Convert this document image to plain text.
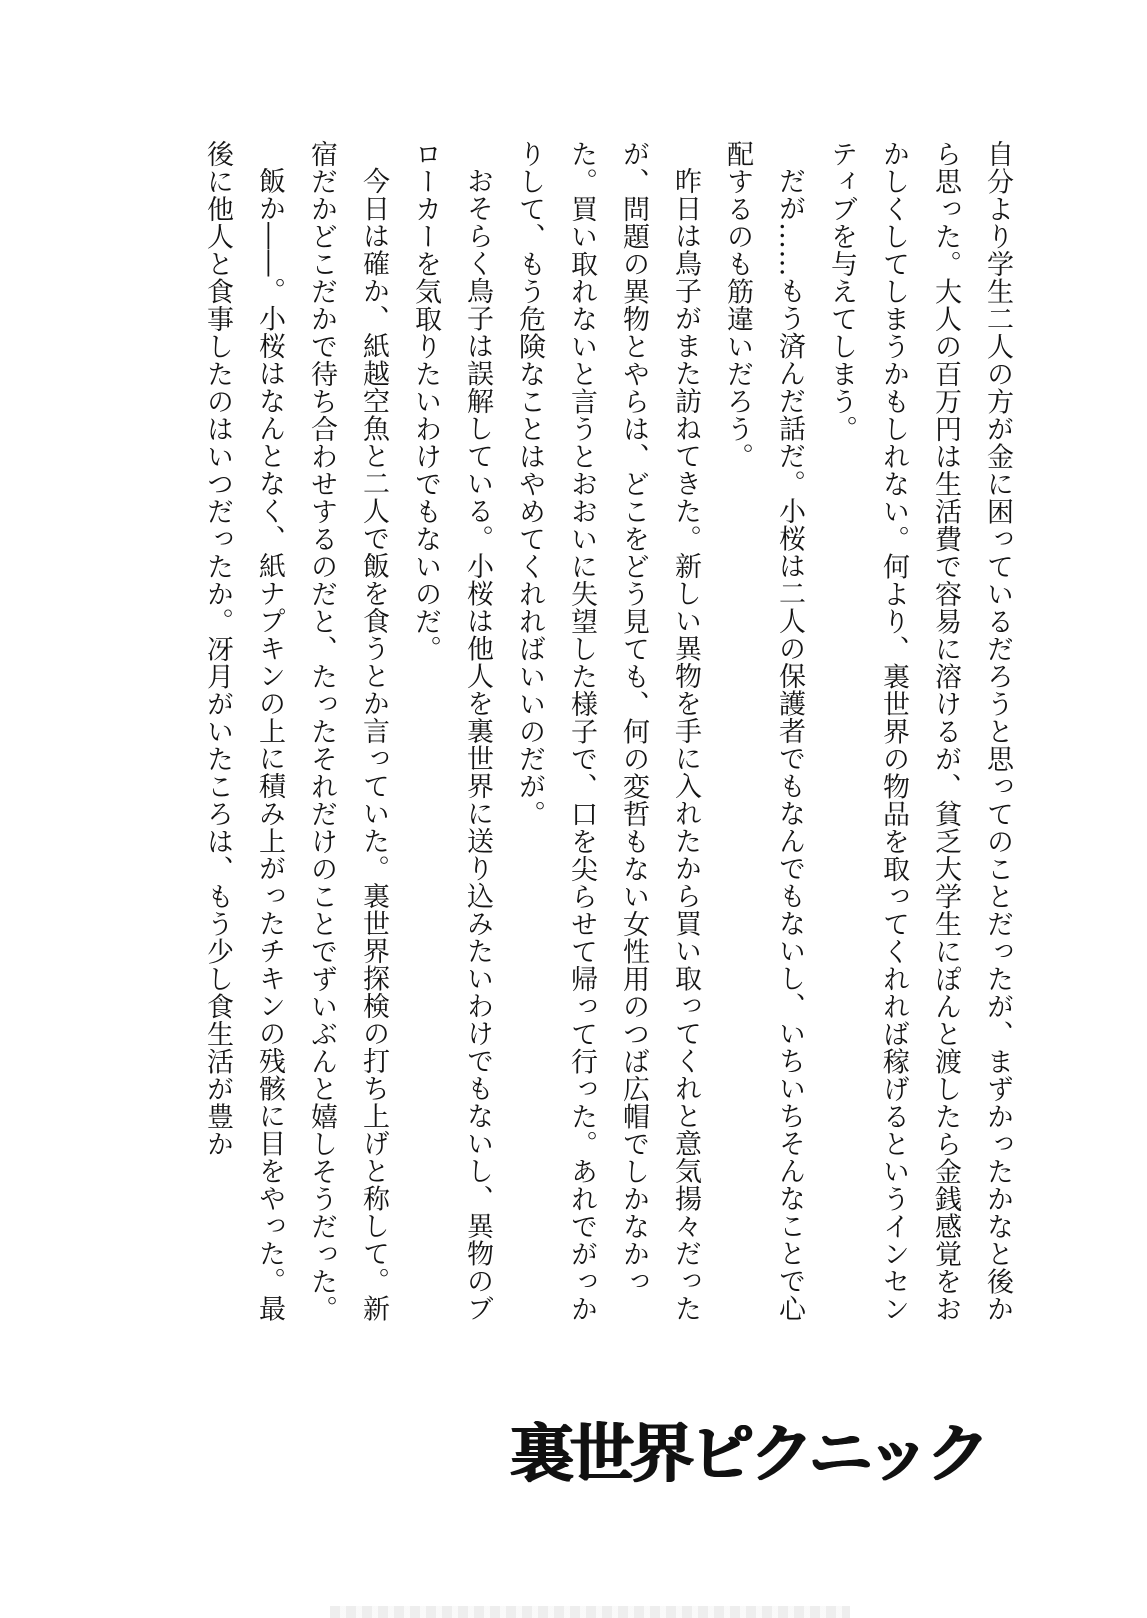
自分より学生二人の方が金に困っているだろうと思ってのことだったが、まずかったかなと後から思った。大人の百万円は生活費で容易に溶けるが、貧乏大学生にぽんと渡したら金銭感覚をおかしくしてしまうかもしれない。何より、裏世界の物品を取ってくれれば稼げるというインセンティブを与えてしまう。

だが……もう済んだ話だ。小桜は二人の保護者でもなんでもないし、いちいちそんなことで心配するのも筋違いだろう。

昨日は鳥子がまた訪ねてきた。新しい異物を手に入れたから買い取ってくれと意気揚々だったが、問題の異物とやらは、どこをどう見ても、何の変哲もない女性用のつば広帽でしかなかった。買い取れないと言うとおおいに失望した様子で、口を尖らせて帰って行った。あれでがっかりして、もう危険なことはやめてくれればいいのだが。

おそらく鳥子は誤解している。小桜は他人を裏世界に送り込みたいわけでもないし、異物のブローカーを気取りたいわけでもないのだ。

今日は確か、紙越空魚と二人で飯を食うとか言っていた。裏世界探検の打ち上げと称して。新宿だかどこだかで待ち合わせするのだと、たったそれだけのことでずいぶんと嬉しそうだった。

飯か――。小桜はなんとなく、紙ナプキンの上に積み上がったチキンの残骸に目をやった。最後に他人と食事したのはいつだったか。冴月がいたころは、もう少し食生活が豊か

裏世界ピクニック
